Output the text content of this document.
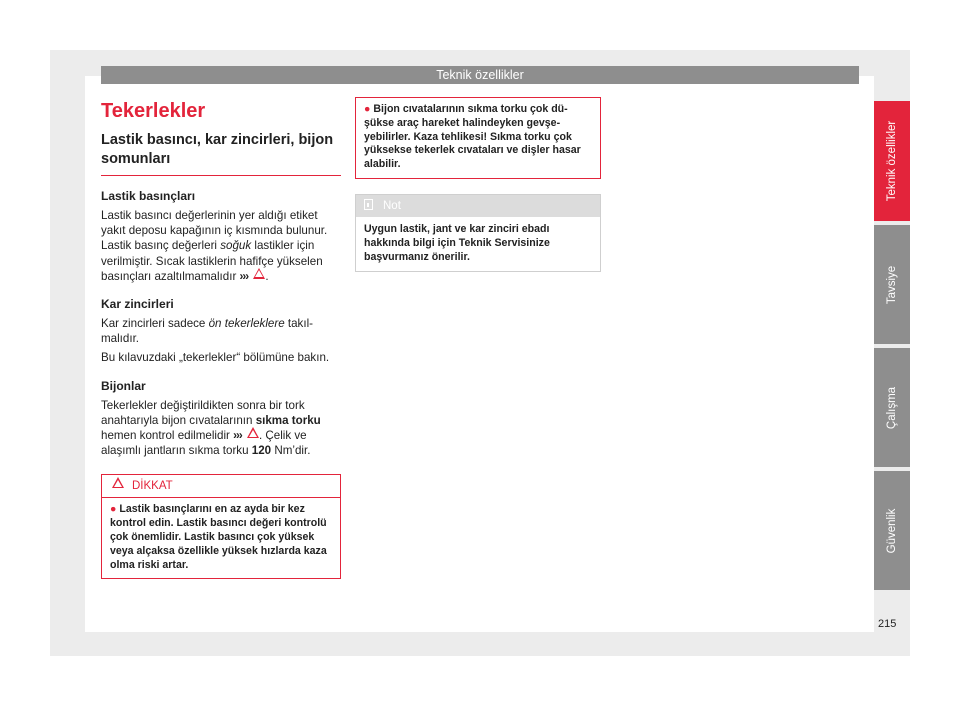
Teknik özellikler
Tekerlekler
Lastik basıncı, kar zincirleri, bijon somunları
Lastik basınçları

Lastik basıncı değerlerinin yer aldığı etiket yakıt deposu kapağının iç kısmında bulunur. Lastik basınç değerleri soğuk lastikler için verilmiştir. Sıcak lastiklerin hafifçe yükselen basınçları azaltılmamalıdır ››› .

Kar zincirleri

Kar zincirleri sadece ön tekerleklere takılmalıdır.

Bu kılavuzdaki „tekerlekler“ bölümüne bakın.

Bijonlar

Tekerlekler değiştirildikten sonra bir tork anahtarıyla bijon cıvatalarının sıkma torku hemen kontrol edilmelidir ››› . Çelik ve alaşımlı jantların sıkma torku 120 Nm’dir.

DİKKAT
● Lastik basınçlarını en az ayda bir kez kontrol edin. Lastik basıncı değeri kontrolü çok önemlidir. Lastik basıncı çok yüksek veya alçaksa özellikle yüksek hızlarda kaza olma riski artar.
● Bijon cıvatalarının sıkma torku çok düşükse araç hareket halindeyken gevşeyebilirler. Kaza tehlikesi! Sıkma torku çok yüksekse tekerlek cıvataları ve dişler hasar alabilir.
Not
Uygun lastik, jant ve kar zinciri ebadı hakkında bilgi için Teknik Servisinize başvurmanız önerilir.
Teknik özellikler
Tavsiye
Çalışma
Güvenlik
215
